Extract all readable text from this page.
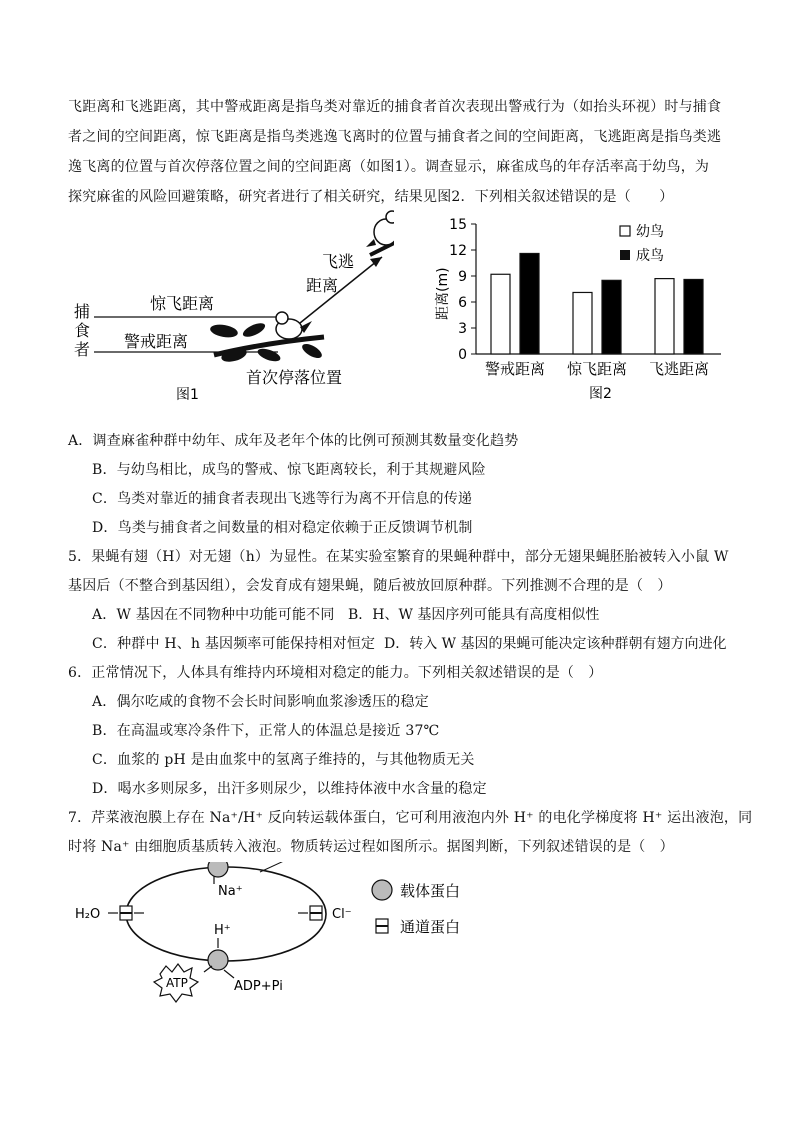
飞距离和飞逃距离，其中警戒距离是指鸟类对靠近的捕食者首次表现出警戒行为（如抬头环视）时与捕食
者之间的空间距离，惊飞距离是指鸟类逃逸飞离时的位置与捕食者之间的空间距离，飞逃距离是指鸟类逃
逸飞离的位置与首次停落位置之间的空间距离（如图1）。调查显示，麻雀成鸟的年存活率高于幼鸟，为
探究麻雀的风险回避策略，研究者进行了相关研究，结果见图2．下列相关叙述错误的是（　　）
捕
食
者
惊飞距离
警戒距离
飞逃
距离
首次停落位置
图1
距离(m)
0
3
6
9
12
15
警戒距离 惊飞距离 飞逃距离
幼鸟
成鸟
图2
A．调查麻雀种群中幼年、成年及老年个体的比例可预测其数量变化趋势
B．与幼鸟相比，成鸟的警戒、惊飞距离较长，利于其规避风险
C．鸟类对靠近的捕食者表现出飞逃等行为离不开信息的传递
D．鸟类与捕食者之间数量的相对稳定依赖于正反馈调节机制
5．果蝇有翅（H）对无翅（h）为显性。在某实验室繁育的果蝇种群中，部分无翅果蝇胚胎被转入小鼠 W
基因后（不整合到基因组），会发育成有翅果蝇，随后被放回原种群。下列推测不合理的是（　）
A．W 基因在不同物种中功能可能不同 B．H、W 基因序列可能具有高度相似性
C．种群中 H、h 基因频率可能保持相对恒定 D．转入 W 基因的果蝇可能决定该种群朝有翅方向进化
6．正常情况下，人体具有维持内环境相对稳定的能力。下列相关叙述错误的是（　）
A．偶尔吃咸的食物不会长时间影响血浆渗透压的稳定
B．在高温或寒冷条件下，正常人的体温总是接近 37℃
C．血浆的 pH 是由血浆中的氢离子维持的，与其他物质无关
D．喝水多则尿多，出汗多则尿少，以维持体液中水含量的稳定
7．芹菜液泡膜上存在 Na⁺/H⁺ 反向转运载体蛋白，它可利用液泡内外 H⁺ 的电化学梯度将 H⁺ 运出液泡，同
时将 Na⁺ 由细胞质基质转入液泡。物质转运过程如图所示。据图判断，下列叙述错误的是（　）
Na⁺
H₂O	Cl⁻
H⁺
ATP	ADP+Pi
载体蛋白
通道蛋白
